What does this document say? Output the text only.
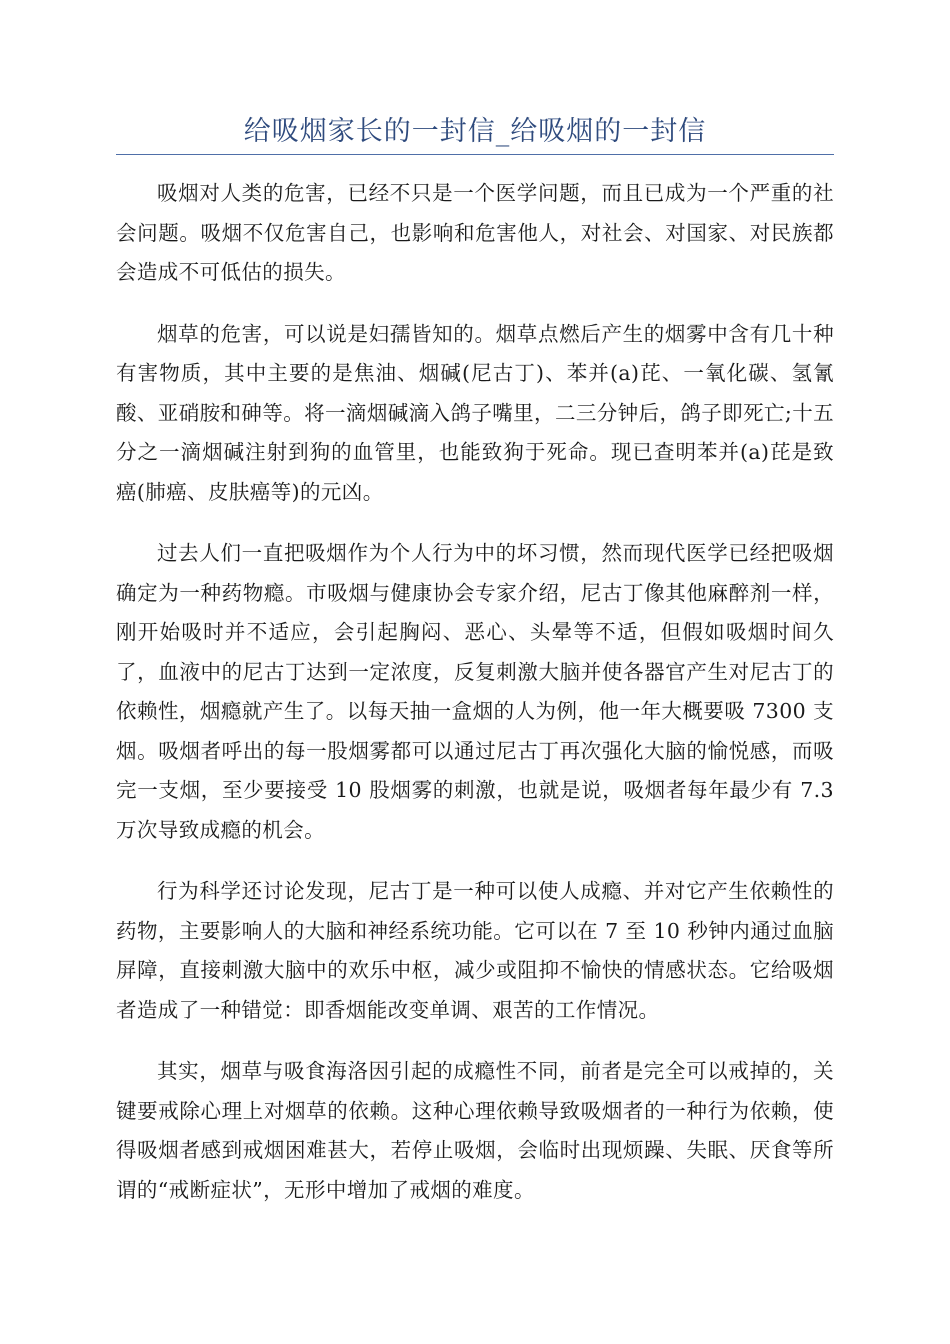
给吸烟家长的一封信_给吸烟的一封信

吸烟对人类的危害，已经不只是一个医学问题，而且已成为一个严重的社会问题。吸烟不仅危害自己，也影响和危害他人，对社会、对国家、对民族都会造成不可低估的损失。

烟草的危害，可以说是妇孺皆知的。烟草点燃后产生的烟雾中含有几十种有害物质，其中主要的是焦油、烟碱(尼古丁)、苯并(a)芘、一氧化碳、氢氰酸、亚硝胺和砷等。将一滴烟碱滴入鸽子嘴里，二三分钟后，鸽子即死亡;十五分之一滴烟碱注射到狗的血管里，也能致狗于死命。现已查明苯并(a)芘是致癌(肺癌、皮肤癌等)的元凶。

过去人们一直把吸烟作为个人行为中的坏习惯，然而现代医学已经把吸烟确定为一种药物瘾。市吸烟与健康协会专家介绍，尼古丁像其他麻醉剂一样，刚开始吸时并不适应，会引起胸闷、恶心、头晕等不适，但假如吸烟时间久了，血液中的尼古丁达到一定浓度，反复刺激大脑并使各器官产生对尼古丁的依赖性，烟瘾就产生了。以每天抽一盒烟的人为例，他一年大概要吸 7300 支烟。吸烟者呼出的每一股烟雾都可以通过尼古丁再次强化大脑的愉悦感，而吸完一支烟，至少要接受 10 股烟雾的刺激，也就是说，吸烟者每年最少有 7.3 万次导致成瘾的机会。

行为科学还讨论发现，尼古丁是一种可以使人成瘾、并对它产生依赖性的药物，主要影响人的大脑和神经系统功能。它可以在 7 至 10 秒钟内通过血脑屏障，直接刺激大脑中的欢乐中枢，减少或阻抑不愉快的情感状态。它给吸烟者造成了一种错觉：即香烟能改变单调、艰苦的工作情况。

其实，烟草与吸食海洛因引起的成瘾性不同，前者是完全可以戒掉的，关键要戒除心理上对烟草的依赖。这种心理依赖导致吸烟者的一种行为依赖，使得吸烟者感到戒烟困难甚大，若停止吸烟，会临时出现烦躁、失眠、厌食等所谓的“戒断症状”，无形中增加了戒烟的难度。
